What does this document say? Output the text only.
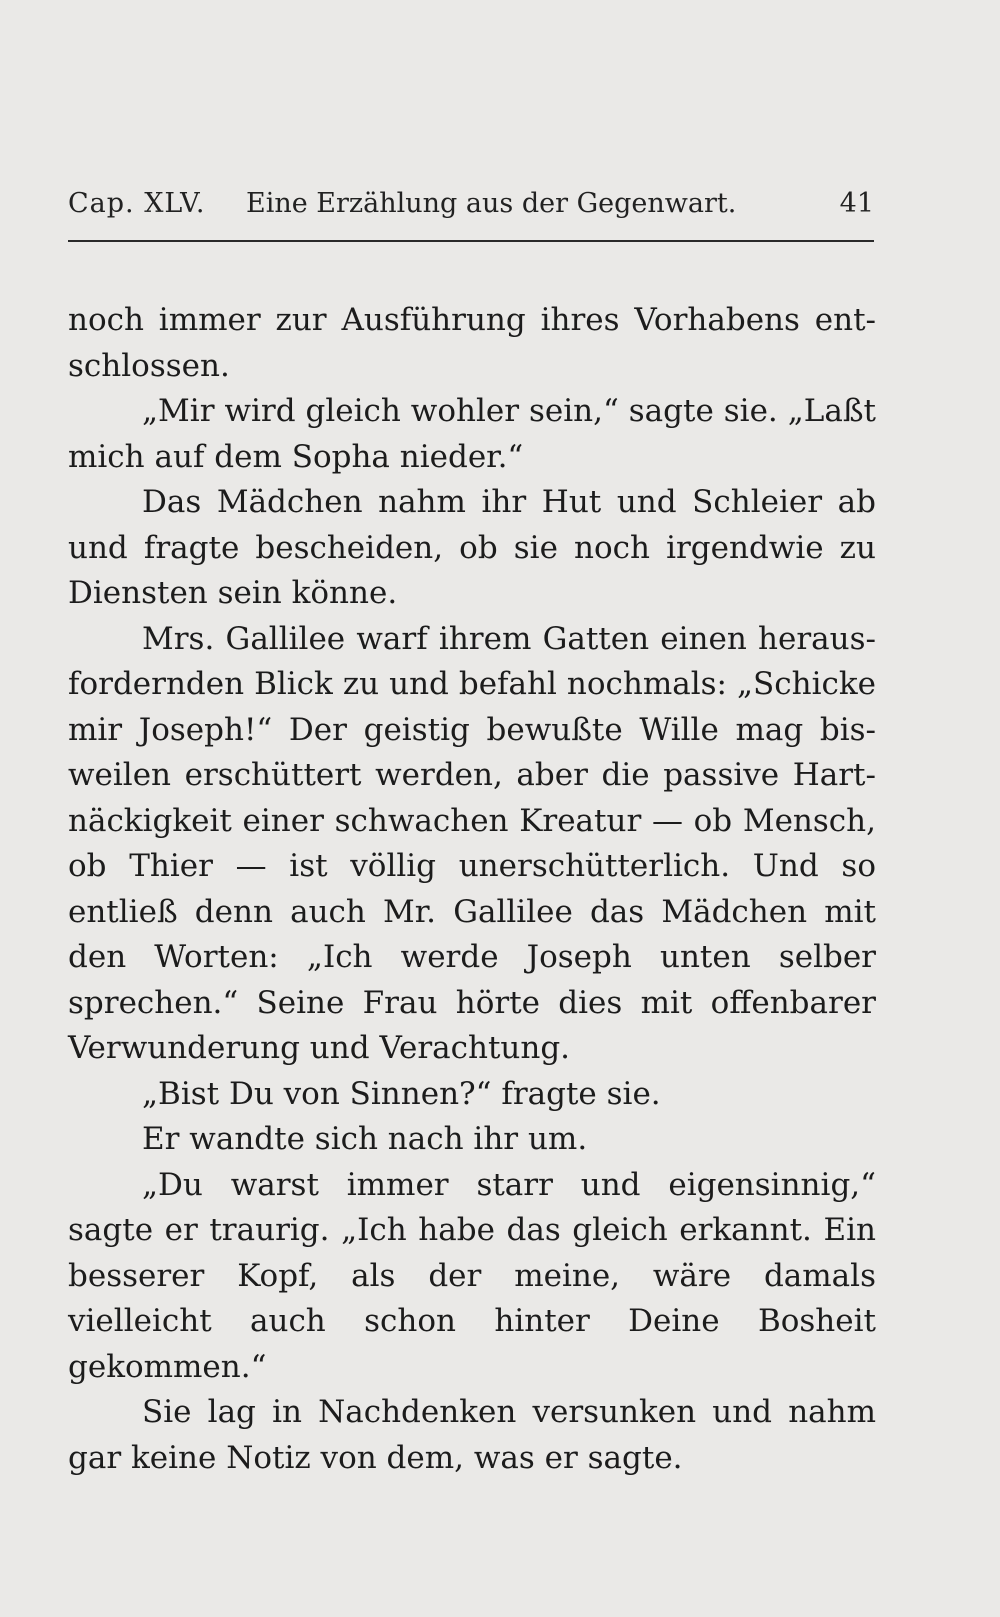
Cap. XLV. Eine Erzählung aus der Gegenwart.	41

noch immer zur Ausführung ihres Vorhabens ent-schlossen.

„Mir wird gleich wohler sein,“ sagte sie. „Laßt mich auf dem Sopha nieder.“

Das Mädchen nahm ihr Hut und Schleier ab und fragte bescheiden, ob sie noch irgendwie zu Diensten sein könne.

Mrs. Gallilee warf ihrem Gatten einen heraus-fordernden Blick zu und befahl nochmals: „Schicke mir Joseph!“ Der geistig bewußte Wille mag bis-weilen erschüttert werden, aber die passive Hart-näckigkeit einer schwachen Kreatur — ob Mensch, ob Thier — ist völlig unerschütterlich. Und so entließ denn auch Mr. Gallilee das Mädchen mit den Worten: „Ich werde Joseph unten selber sprechen.“ Seine Frau hörte dies mit offenbarer Verwunderung und Verachtung.

„Bist Du von Sinnen?“ fragte sie.

Er wandte sich nach ihr um.

„Du warst immer starr und eigensinnig,“ sagte er traurig. „Ich habe das gleich erkannt. Ein besserer Kopf, als der meine, wäre damals vielleicht auch schon hinter Deine Bosheit gekommen.“

Sie lag in Nachdenken versunken und nahm gar keine Notiz von dem, was er sagte.
